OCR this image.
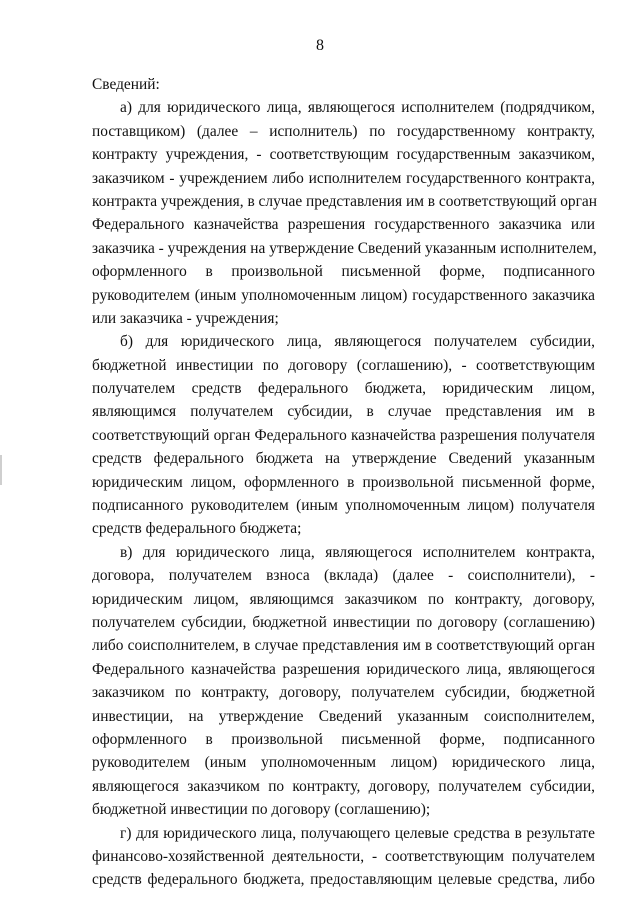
8
Сведений:
а) для юридического лица, являющегося исполнителем (подрядчиком,
поставщиком) (далее – исполнитель) по государственному контракту,
контракту учреждения, - соответствующим государственным заказчиком,
заказчиком - учреждением либо исполнителем государственного контракта,
контракта учреждения, в случае представления им в соответствующий орган
Федерального казначейства разрешения государственного заказчика или
заказчика - учреждения на утверждение Сведений указанным исполнителем,
оформленного в произвольной письменной форме, подписанного
руководителем (иным уполномоченным лицом) государственного заказчика
или заказчика - учреждения;
б) для юридического лица, являющегося получателем субсидии,
бюджетной инвестиции по договору (соглашению), - соответствующим
получателем средств федерального бюджета, юридическим лицом,
являющимся получателем субсидии, в случае представления им в
соответствующий орган Федерального казначейства разрешения получателя
средств федерального бюджета на утверждение Сведений указанным
юридическим лицом, оформленного в произвольной письменной форме,
подписанного руководителем (иным уполномоченным лицом) получателя
средств федерального бюджета;
в) для юридического лица, являющегося исполнителем контракта,
договора, получателем взноса (вклада) (далее - соисполнители), -
юридическим лицом, являющимся заказчиком по контракту, договору,
получателем субсидии, бюджетной инвестиции по договору (соглашению)
либо соисполнителем, в случае представления им в соответствующий орган
Федерального казначейства разрешения юридического лица, являющегося
заказчиком по контракту, договору, получателем субсидии, бюджетной
инвестиции, на утверждение Сведений указанным соисполнителем,
оформленного в произвольной письменной форме, подписанного
руководителем (иным уполномоченным лицом) юридического лица,
являющегося заказчиком по контракту, договору, получателем субсидии,
бюджетной инвестиции по договору (соглашению);
г) для юридического лица, получающего целевые средства в результате
финансово-хозяйственной деятельности, - соответствующим получателем
средств федерального бюджета, предоставляющим целевые средства, либо
